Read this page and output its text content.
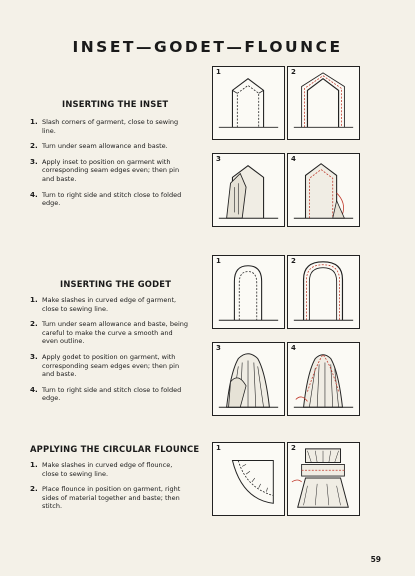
INSET—GODET—FLOUNCE
INSERTING THE INSET
1. Slash corners of garment, close to sewing line.
2. Turn under seam allowance and baste.
3. Apply inset to position on garment with corresponding seam edges even; then pin and baste.
4. Turn to right side and stitch close to folded edge.
INSERTING THE GODET
1. Make slashes in curved edge of garment, close to sewing line.
2. Turn under seam allowance and baste, being careful to make the curve a smooth and even outline.
3. Apply godet to position on garment, with corresponding seam edges even; then pin and baste.
4. Turn to right side and stitch close to folded edge.
APPLYING THE CIRCULAR FLOUNCE
1. Make slashes in curved edge of flounce, close to sewing line.
2. Place flounce in position on garment, right sides of material together and baste; then stitch.
1	2
3	4
1	2
3	4
1	2
59
